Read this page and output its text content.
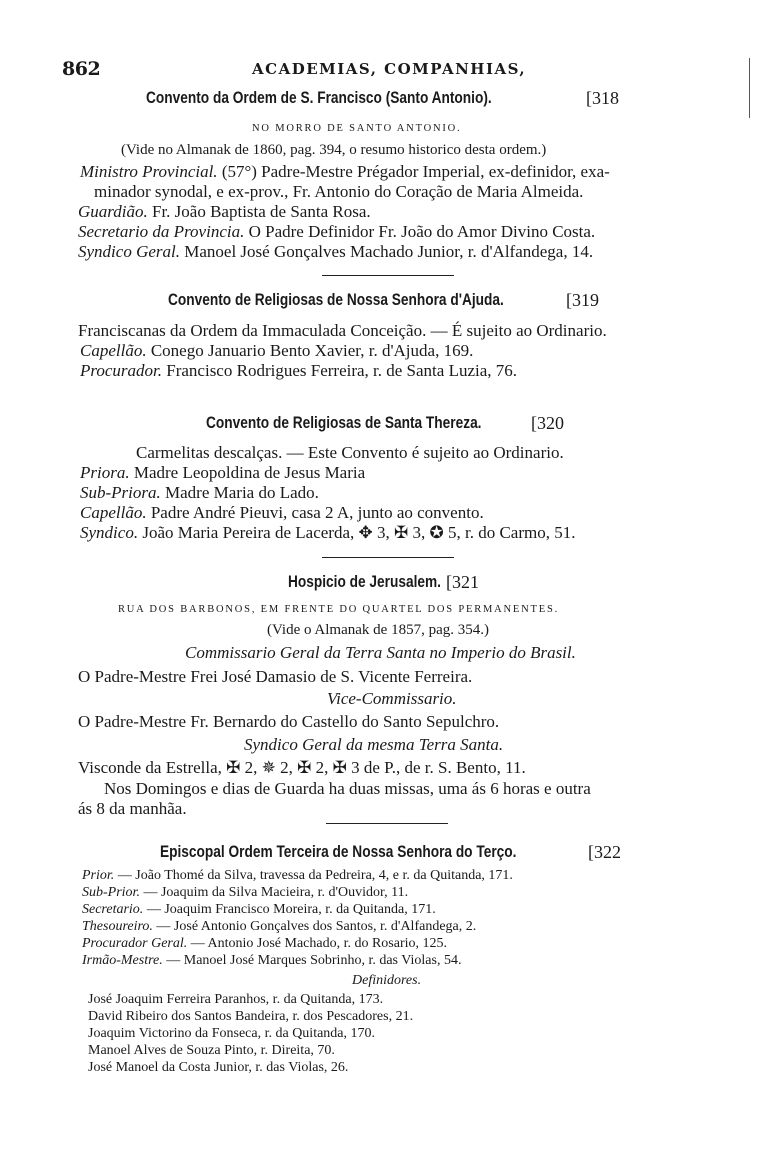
862	ACADEMIAS, COMPANHIAS,
Convento da Ordem de S. Francisco (Santo Antonio).	[318
NO MORRO DE SANTO ANTONIO.
(Vide no Almanak de 1860, pag. 394, o resumo historico desta ordem.)
Ministro Provincial. (57°) Padre-Mestre Prégador Imperial, ex-definidor, exa-
minador synodal, e ex-prov., Fr. Antonio do Coração de Maria Almeida.
Guardião. Fr. João Baptista de Santa Rosa.
Secretario da Provincia. O Padre Definidor Fr. João do Amor Divino Costa.
Syndico Geral. Manoel José Gonçalves Machado Junior, r. d'Alfandega, 14.
Convento de Religiosas de Nossa Senhora d'Ajuda.	[319
Franciscanas da Ordem da Immaculada Conceição. — É sujeito ao Ordinario.
Capellão. Conego Januario Bento Xavier, r. d'Ajuda, 169.
Procurador. Francisco Rodrigues Ferreira, r. de Santa Luzia, 76.
Convento de Religiosas de Santa Thereza.	[320
Carmelitas descalças. — Este Convento é sujeito ao Ordinario.
Priora. Madre Leopoldina de Jesus Maria
Sub-Priora. Madre Maria do Lado.
Capellão. Padre André Pieuvi, casa 2 A, junto ao convento.
Syndico. João Maria Pereira de Lacerda, ✥ 3, ✠ 3, ✪ 5, r. do Carmo, 51.
Hospicio de Jerusalem. [321
RUA DOS BARBONOS, EM FRENTE DO QUARTEL DOS PERMANENTES.
(Vide o Almanak de 1857, pag. 354.)
Commissario Geral da Terra Santa no Imperio do Brasil.
O Padre-Mestre Frei José Damasio de S. Vicente Ferreira.
Vice-Commissario.
O Padre-Mestre Fr. Bernardo do Castello do Santo Sepulchro.
Syndico Geral da mesma Terra Santa.
Visconde da Estrella, ✠ 2, ✵ 2, ✠ 2, ✠ 3 de P., de r. S. Bento, 11.
Nos Domingos e dias de Guarda ha duas missas, uma ás 6 horas e outra
ás 8 da manhãa.
Episcopal Ordem Terceira de Nossa Senhora do Terço.	[322
Prior. — João Thomé da Silva, travessa da Pedreira, 4, e r. da Quitanda, 171.
Sub-Prior. — Joaquim da Silva Macieira, r. d'Ouvidor, 11.
Secretario. — Joaquim Francisco Moreira, r. da Quitanda, 171.
Thesoureiro. — José Antonio Gonçalves dos Santos, r. d'Alfandega, 2.
Procurador Geral. — Antonio José Machado, r. do Rosario, 125.
Irmão-Mestre. — Manoel José Marques Sobrinho, r. das Violas, 54.
Definidores.
José Joaquim Ferreira Paranhos, r. da Quitanda, 173.
David Ribeiro dos Santos Bandeira, r. dos Pescadores, 21.
Joaquim Victorino da Fonseca, r. da Quitanda, 170.
Manoel Alves de Souza Pinto, r. Direita, 70.
José Manoel da Costa Junior, r. das Violas, 26.
